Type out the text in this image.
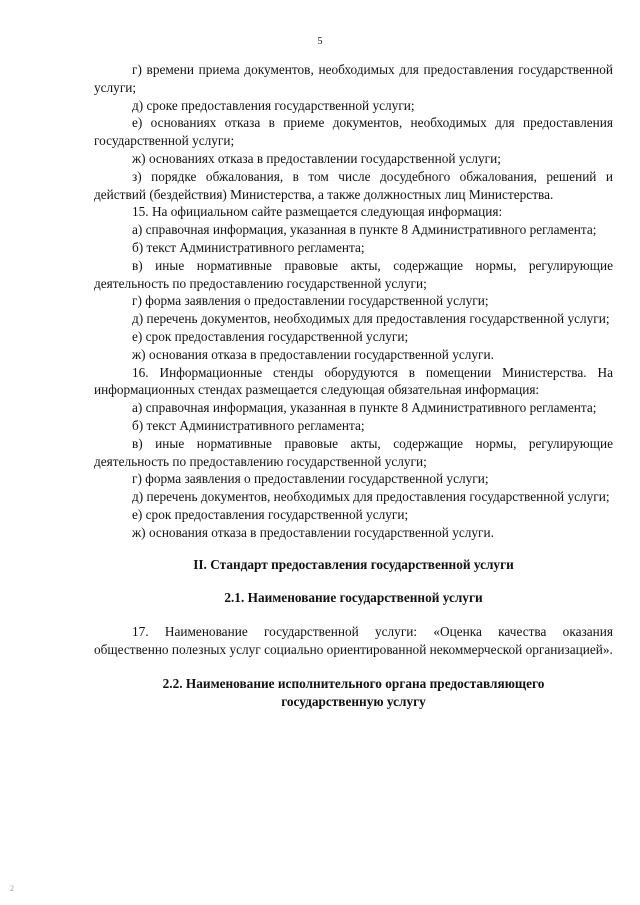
5

г) времени приема документов, необходимых для предоставления государственной услуги;

д) сроке предоставления государственной услуги;

е) основаниях отказа в приеме документов, необходимых для предоставления государственной услуги;

ж) основаниях отказа в предоставлении государственной услуги;

з) порядке обжалования, в том числе досудебного обжалования, решений и действий (бездействия) Министерства, а также должностных лиц Министерства.

15. На официальном сайте размещается следующая информация:

а) справочная информация, указанная в пункте 8 Административного регламента;

б) текст Административного регламента;

в) иные нормативные правовые акты, содержащие нормы, регулирующие деятельность по предоставлению государственной услуги;

г) форма заявления о предоставлении государственной услуги;

д) перечень документов, необходимых для предоставления государственной услуги;

е) срок предоставления государственной услуги;

ж) основания отказа в предоставлении государственной услуги.

16. Информационные стенды оборудуются в помещении Министерства. На информационных стендах размещается следующая обязательная информация:

а) справочная информация, указанная в пункте 8 Административного регламента;

б) текст Административного регламента;

в) иные нормативные правовые акты, содержащие нормы, регулирующие деятельность по предоставлению государственной услуги;

г) форма заявления о предоставлении государственной услуги;

д) перечень документов, необходимых для предоставления государственной услуги;

е) срок предоставления государственной услуги;

ж) основания отказа в предоставлении государственной услуги.

II. Стандарт предоставления государственной услуги

2.1. Наименование государственной услуги

17. Наименование государственной услуги: «Оценка качества оказания общественно полезных услуг социально ориентированной некоммерческой организацией».

2.2. Наименование исполнительного органа предоставляющего
государственную услугу
2
